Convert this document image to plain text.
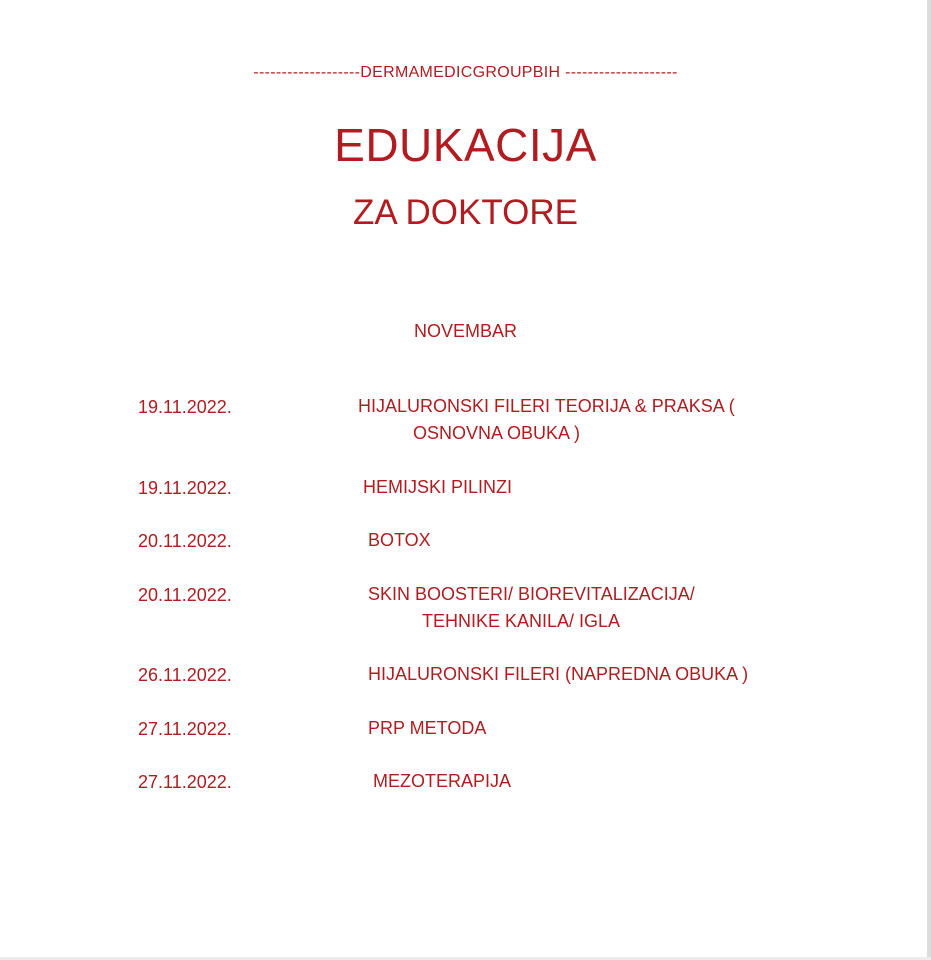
-------------------DERMAMEDICGROUPBIH --------------------
EDUKACIJA
ZA DOKTORE
NOVEMBAR
19.11.2022.	HIJALURONSKI FILERI TEORIJA & PRAKSA (
OSNOVNA OBUKA )
19.11.2022.	HEMIJSKI PILINZI
20.11.2022.	BOTOX
20.11.2022.	SKIN BOOSTERI/ BIOREVITALIZACIJA/
TEHNIKE KANILA/ IGLA
26.11.2022.	HIJALURONSKI FILERI (NAPREDNA OBUKA )
27.11.2022.	PRP METODA
27.11.2022.	MEZOTERAPIJA
